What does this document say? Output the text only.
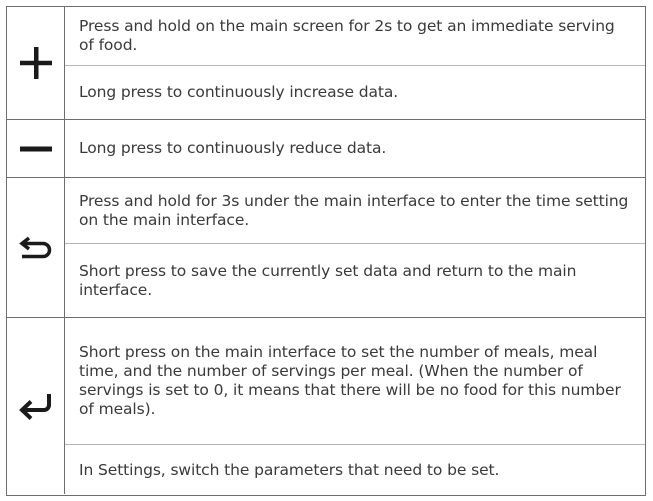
Press and hold on the main screen for 2s to get an immediate serving of food.
Long press to continuously increase data.
Long press to continuously reduce data.
Press and hold for 3s under the main interface to enter the time setting on the main interface.
Short press to save the currently set data and return to the main interface.
Short press on the main interface to set the number of meals, meal time, and the number of servings per meal. (When the number of servings is set to 0, it means that there will be no food for this number of meals).
In Settings, switch the parameters that need to be set.
